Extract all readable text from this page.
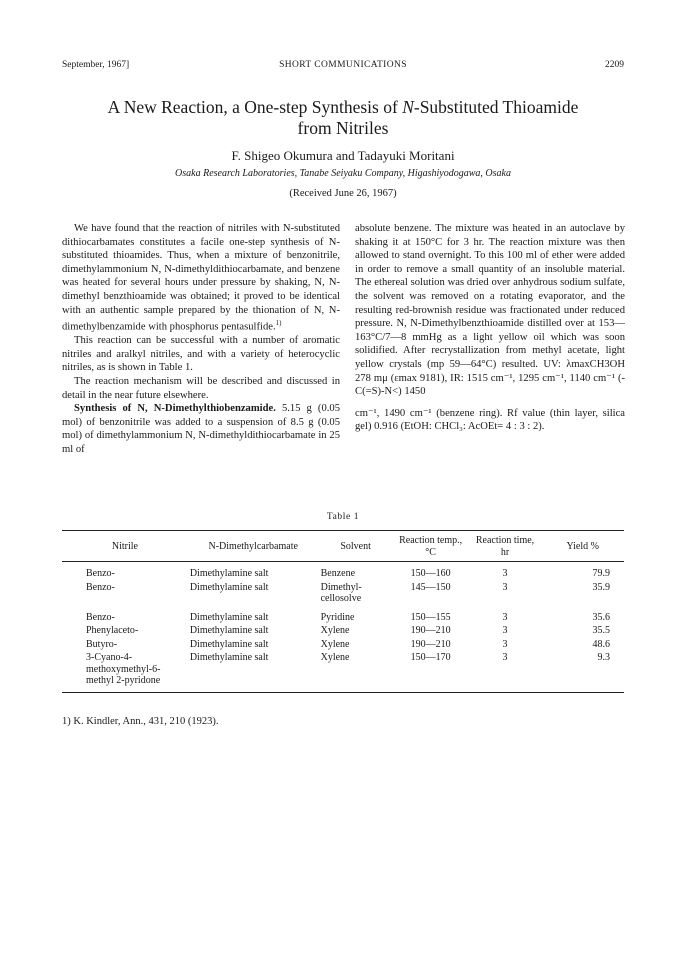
September, 1967]	SHORT COMMUNICATIONS	2209
A New Reaction, a One-step Synthesis of N-Substituted Thioamide
from Nitriles
F. Shigeo Okumura and Tadayuki Moritani
Osaka Research Laboratories, Tanabe Seiyaku Company, Higashiyodogawa, Osaka
(Received June 26, 1967)

We have found that the reaction of nitriles with N-substituted dithiocarbamates constitutes a facile one-step synthesis of N-substituted thioamides. Thus, when a mixture of benzonitrile, dimethylammonium N, N-dimethyldithiocarbamate, and benzene was heated for several hours under pressure by shaking, N, N-dimethyl benzthioamide was obtained; it proved to be identical with an authentic sample prepared by the thionation of N, N-dimethylbenzamide with phosphorus pentasulfide.$^{1)}$

This reaction can be successful with a number of aromatic nitriles and aralkyl nitriles, and with a variety of heterocyclic nitriles, as is shown in Table 1.

The reaction mechanism will be described and discussed in detail in the near future elsewhere.

Synthesis of N, N-Dimethylthiobenzamide. 5.15 g (0.05 mol) of benzonitrile was added to a suspension of 8.5 g (0.05 mol) of dimethylammonium N, N-dimethyldithiocarbamate in 25 ml of

absolute benzene. The mixture was heated in an autoclave by shaking it at 150°C for 3 hr. The reaction mixture was then allowed to stand overnight. To this 100 ml of ether were added in order to remove a small quantity of an insoluble material. The ethereal solution was dried over anhydrous sodium sulfate, the solvent was removed on a rotating evaporator, and the resulting red-brownish residue was fractionated under reduced pressure. N, N-Dimethylbenzthioamide distilled over at 153—163°C/7—8 mmHg as a light yellow oil which was soon solidified. After recrystallization from methyl acetate, light yellow crystals (mp 59—64°C) resulted. UV: λmaxCH3OH 278 mμ (εmax 9181), IR: 1515 cm⁻¹, 1295 cm⁻¹, 1140 cm⁻¹ (-C(=S)-N<) 1450

cm⁻¹, 1490 cm⁻¹ (benzene ring). Rf value (thin layer, silica gel) 0.916 (EtOH: CHCl₃: AcOEt= 4 : 3 : 2).

Table 1
Nitrile	N-Dimethylcarbamate	Solvent	Reaction temp., °C	Reaction time, hr	Yield %

Benzo-	Dimethylamine salt	Benzene	150—160	3	79.9
Benzo-	Dimethylamine salt	Dimethyl- cellosolve	145—150	3	35.9
Benzo-	Dimethylamine salt	Pyridine	150—155	3	35.6
Phenylaceto-	Dimethylamine salt	Xylene	190—210	3	35.5
Butyro-	Dimethylamine salt	Xylene	190—210	3	48.6
3-Cyano-4-methoxymethyl-6-methyl 2-pyridone	Dimethylamine salt	Xylene	150—170	3	9.3

1) K. Kindler, Ann., 431, 210 (1923).
